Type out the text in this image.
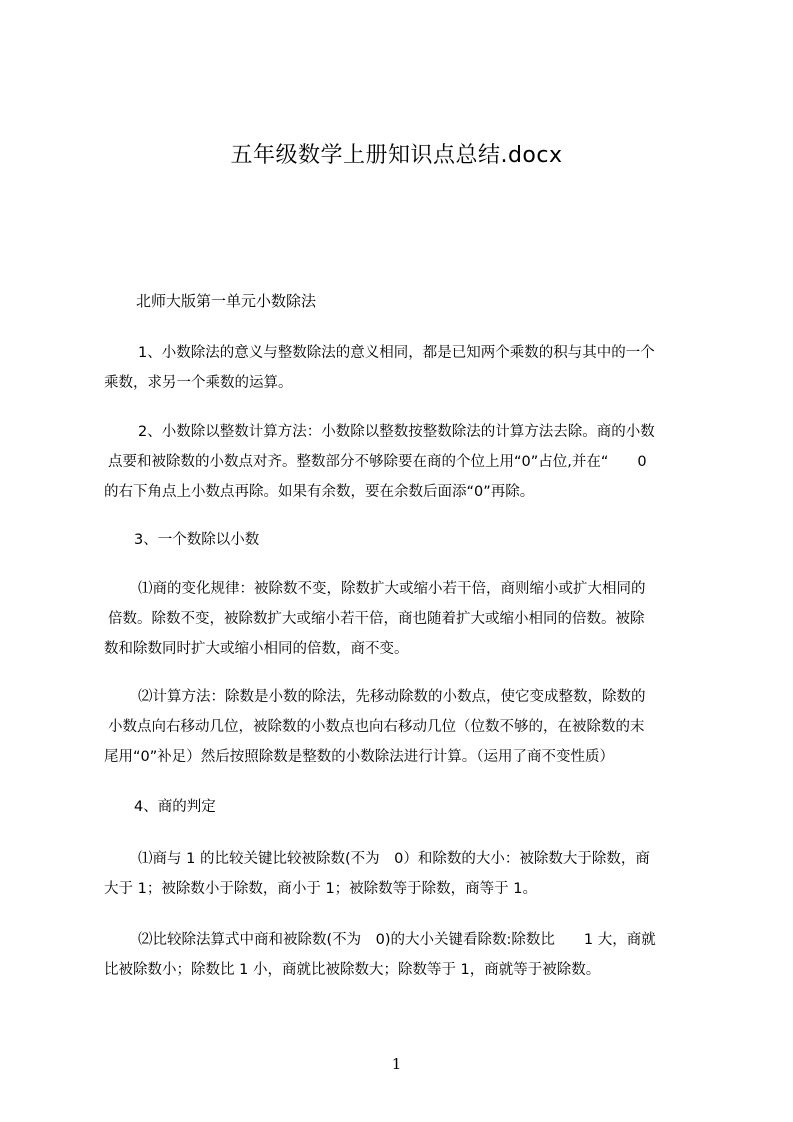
五年级数学上册知识点总结.docx
北师大版第一单元小数除法
1、小数除法的意义与整数除法的意义相同，都是已知两个乘数的积与其中的一个
乘数，求另一个乘数的运算。
2、小数除以整数计算方法：小数除以整数按整数除法的计算方法去除。商的小数
点要和被除数的小数点对齐。整数部分不够除要在商的个位上用“0”占位,并在“　　0
的右下角点上小数点再除。如果有余数，要在余数后面添“0”再除。
3、一个数除以小数
⑴商的变化规律：被除数不变，除数扩大或缩小若干倍，商则缩小或扩大相同的
倍数。除数不变，被除数扩大或缩小若干倍，商也随着扩大或缩小相同的倍数。被除
数和除数同时扩大或缩小相同的倍数，商不变。
⑵计算方法：除数是小数的除法，先移动除数的小数点，使它变成整数，除数的
小数点向右移动几位，被除数的小数点也向右移动几位（位数不够的，在被除数的末
尾用“0”补足）然后按照除数是整数的小数除法进行计算。（运用了商不变性质）
4、商的判定
⑴商与 1 的比较关键比较被除数(不为　0）和除数的大小：被除数大于除数，商
大于 1；被除数小于除数，商小于 1；被除数等于除数，商等于 1。
⑵比较除法算式中商和被除数(不为　0)的大小关键看除数:除数比　　1 大，商就
比被除数小；除数比 1 小，商就比被除数大；除数等于 1，商就等于被除数。
1
